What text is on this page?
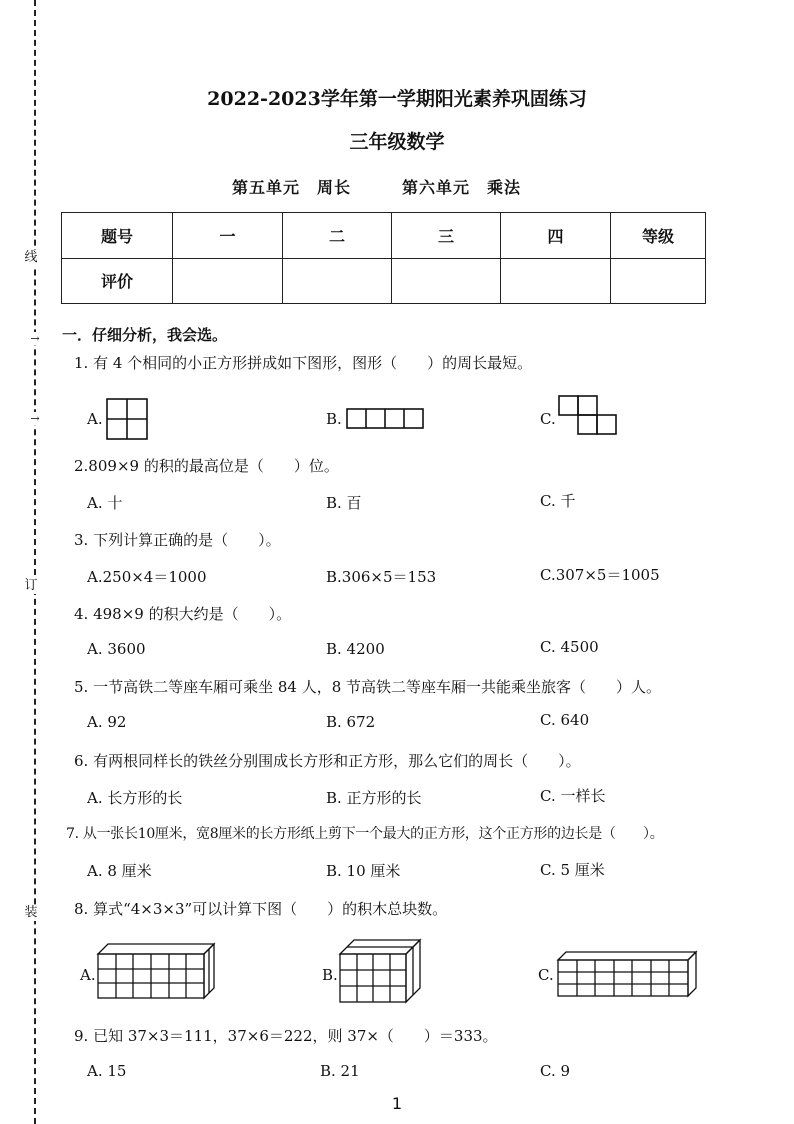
线
→
→
订
装
2022-2023学年第一学期阳光素养巩固练习
三年级数学
第五单元　周长	第六单元　乘法
题号	一	二	三	四	等级
评价					
一．仔细分析，我会选。
1. 有 4 个相同的小正方形拼成如下图形，图形（　　）的周长最短。
A.	B.	C.
2.809×9 的积的最高位是（　　）位。
A. 十	B. 百	C. 千
3. 下列计算正确的是（　　）。
A.250×4＝1000	B.306×5＝153	C.307×5＝1005
4. 498×9 的积大约是（　　）。
A. 3600	B. 4200	C. 4500
5. 一节高铁二等座车厢可乘坐 84 人，8 节高铁二等座车厢一共能乘坐旅客（　　）人。
A. 92	B. 672	C. 640
6. 有两根同样长的铁丝分别围成长方形和正方形，那么它们的周长（　　）。
A. 长方形的长	B. 正方形的长	C. 一样长
7. 从一张长10厘米，宽8厘米的长方形纸上剪下一个最大的正方形，这个正方形的边长是（　　）。
A. 8 厘米	B. 10 厘米	C. 5 厘米
8. 算式“4×3×3”可以计算下图（　　）的积木总块数。
A.	B.	C.
9. 已知 37×3＝111，37×6＝222，则 37×（　　）＝333。
A. 15	B. 21	C. 9
1
